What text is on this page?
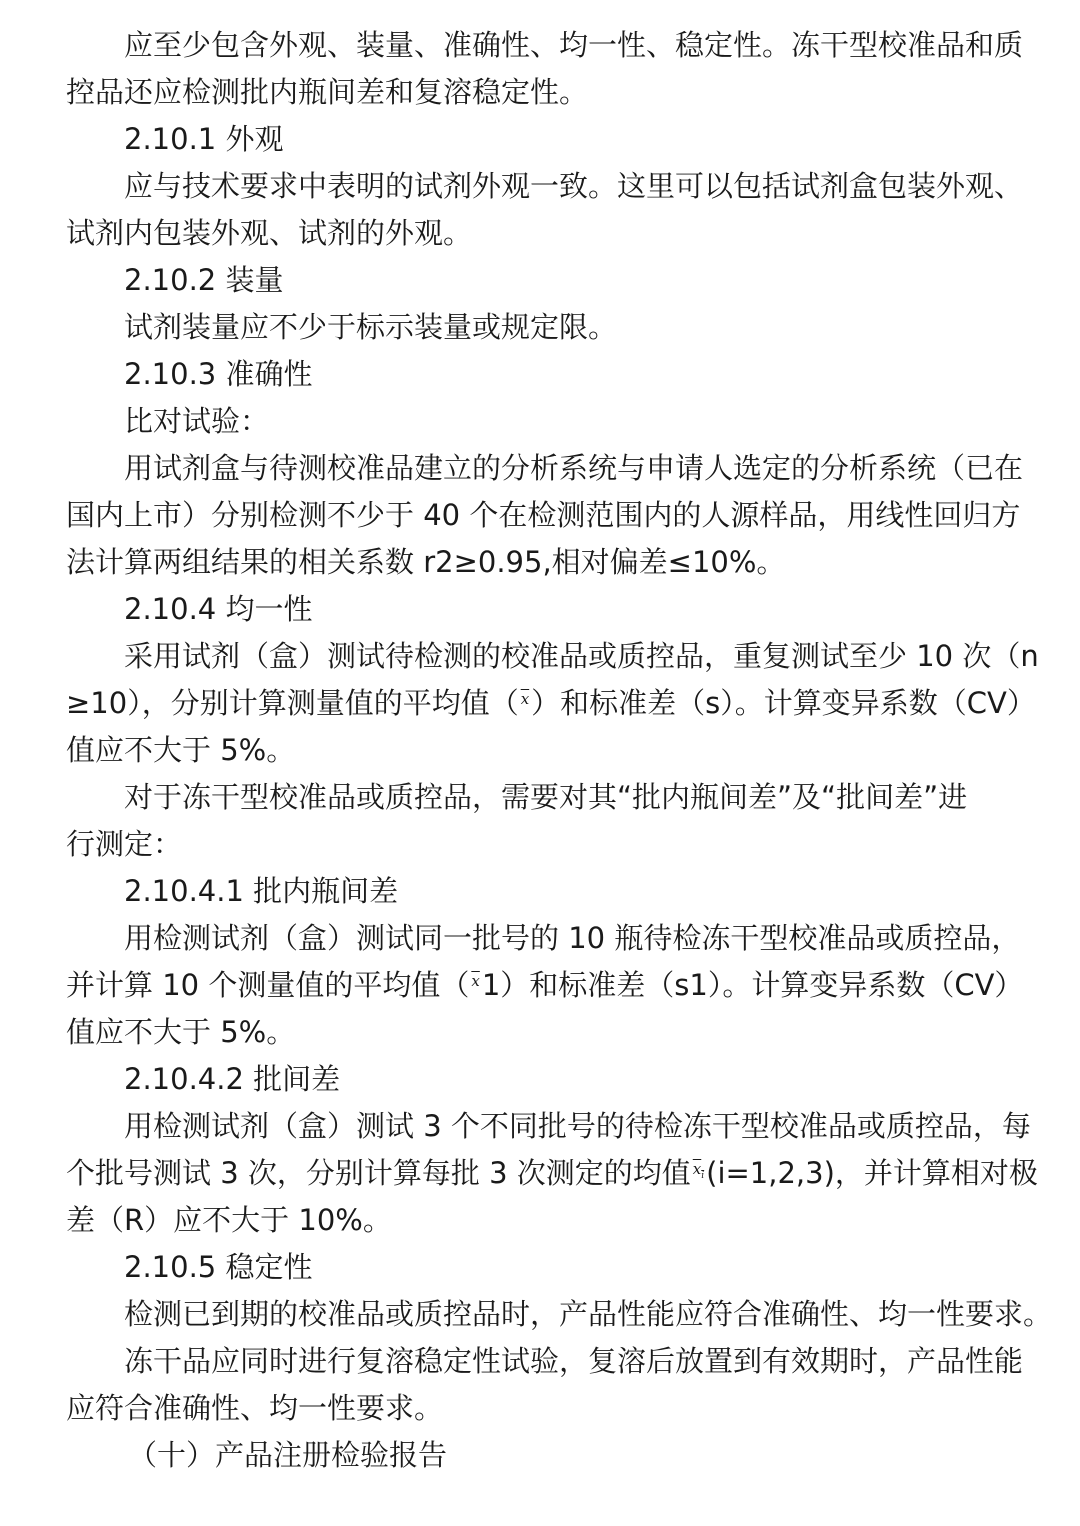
应至少包含外观、装量、准确性、均一性、稳定性。冻干型校准品和质
控品还应检测批内瓶间差和复溶稳定性。
2.10.1 外观
应与技术要求中表明的试剂外观一致。这里可以包括试剂盒包装外观、
试剂内包装外观、试剂的外观。
2.10.2 装量
试剂装量应不少于标示装量或规定限。
2.10.3 准确性
比对试验：
用试剂盒与待测校准品建立的分析系统与申请人选定的分析系统（已在
国内上市）分别检测不少于 40 个在检测范围内的人源样品，用线性回归方
法计算两组结果的相关系数 r2≥0.95,相对偏差≤10%。
2.10.4 均一性
采用试剂（盒）测试待检测的校准品或质控品，重复测试至少 10 次（n
≥10），分别计算测量值的平均值（ $\overline{x}$）和标准差（s）。计算变异系数（CV）
值应不大于 5%。
对于冻干型校准品或质控品，需要对其“批内瓶间差”及“批间差”进
行测定：
2.10.4.1 批内瓶间差
用检测试剂（盒）测试同一批号的 10 瓶待检冻干型校准品或质控品，
并计算 10 个测量值的平均值（ $\overline{x}1$）和标准差（s1）。计算变异系数（CV）
值应不大于 5%。
2.10.4.2 批间差
用检测试剂（盒）测试 3 个不同批号的待检冻干型校准品或质控品，每
个批号测试 3 次，分别计算每批 3 次测定的均值 $x_i(i=1,2,3)$，并计算相对极
差（R）应不大于 10%。
2.10.5 稳定性
检测已到期的校准品或质控品时，产品性能应符合准确性、均一性要求。
冻干品应同时进行复溶稳定性试验，复溶后放置到有效期时，产品性能
应符合准确性、均一性要求。
（十）产品注册检验报告
